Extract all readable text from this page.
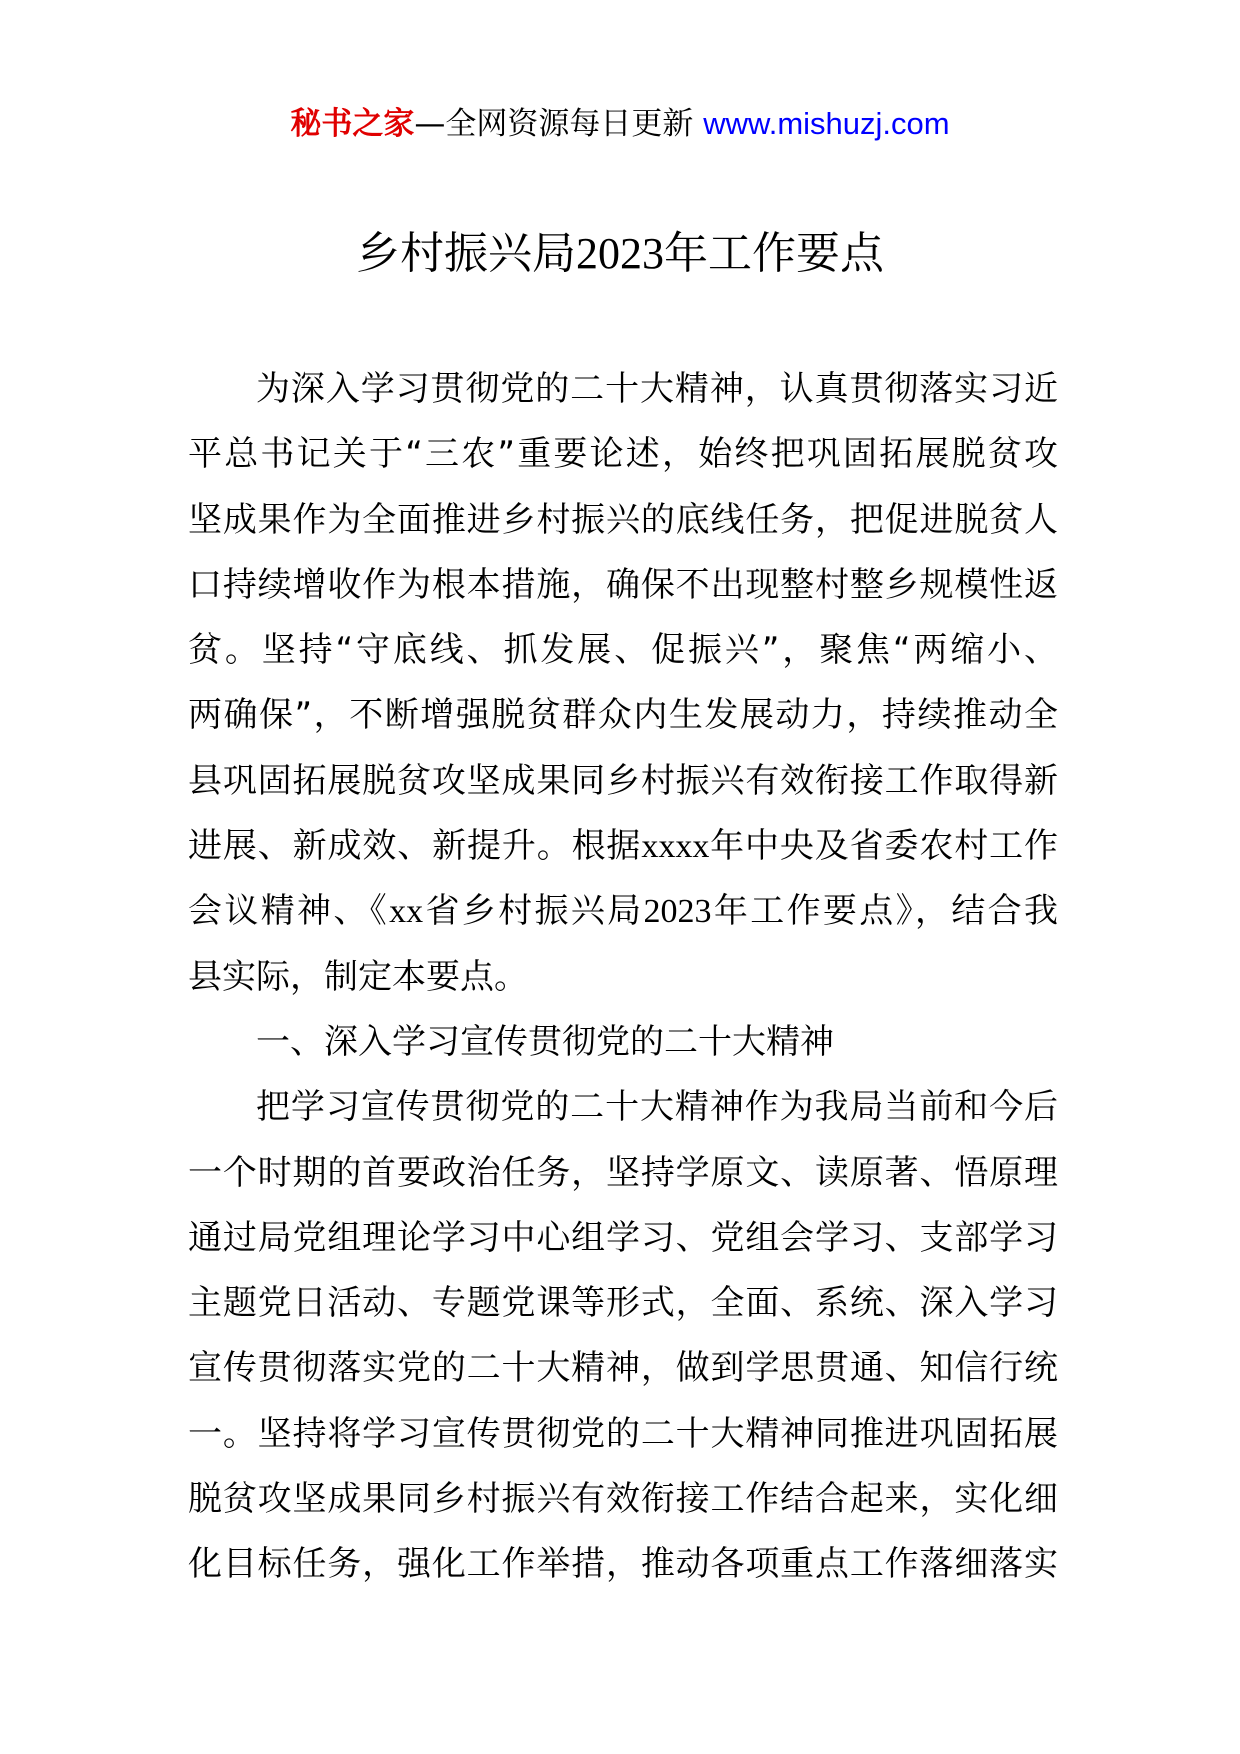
秘书之家—全网资源每日更新 www.mishuzj.com
乡村振兴局2023年工作要点
为深入学习贯彻党的二十大精神，认真贯彻落实习近
平总书记关于“三农”重要论述，始终把巩固拓展脱贫攻
坚成果作为全面推进乡村振兴的底线任务，把促进脱贫人
口持续增收作为根本措施，确保不出现整村整乡规模性返
贫。坚持“守底线、抓发展、促振兴”，聚焦“两缩小、
两确保”，不断增强脱贫群众内生发展动力，持续推动全
县巩固拓展脱贫攻坚成果同乡村振兴有效衔接工作取得新
进展、新成效、新提升。根据xxxx年中央及省委农村工作
会议精神、《xx省乡村振兴局2023年工作要点》，结合我
县实际，制定本要点。
一、深入学习宣传贯彻党的二十大精神
把学习宣传贯彻党的二十大精神作为我局当前和今后
一个时期的首要政治任务，坚持学原文、读原著、悟原理
通过局党组理论学习中心组学习、党组会学习、支部学习
主题党日活动、专题党课等形式，全面、系统、深入学习
宣传贯彻落实党的二十大精神，做到学思贯通、知信行统
一。坚持将学习宣传贯彻党的二十大精神同推进巩固拓展
脱贫攻坚成果同乡村振兴有效衔接工作结合起来，实化细
化目标任务，强化工作举措，推动各项重点工作落细落实
